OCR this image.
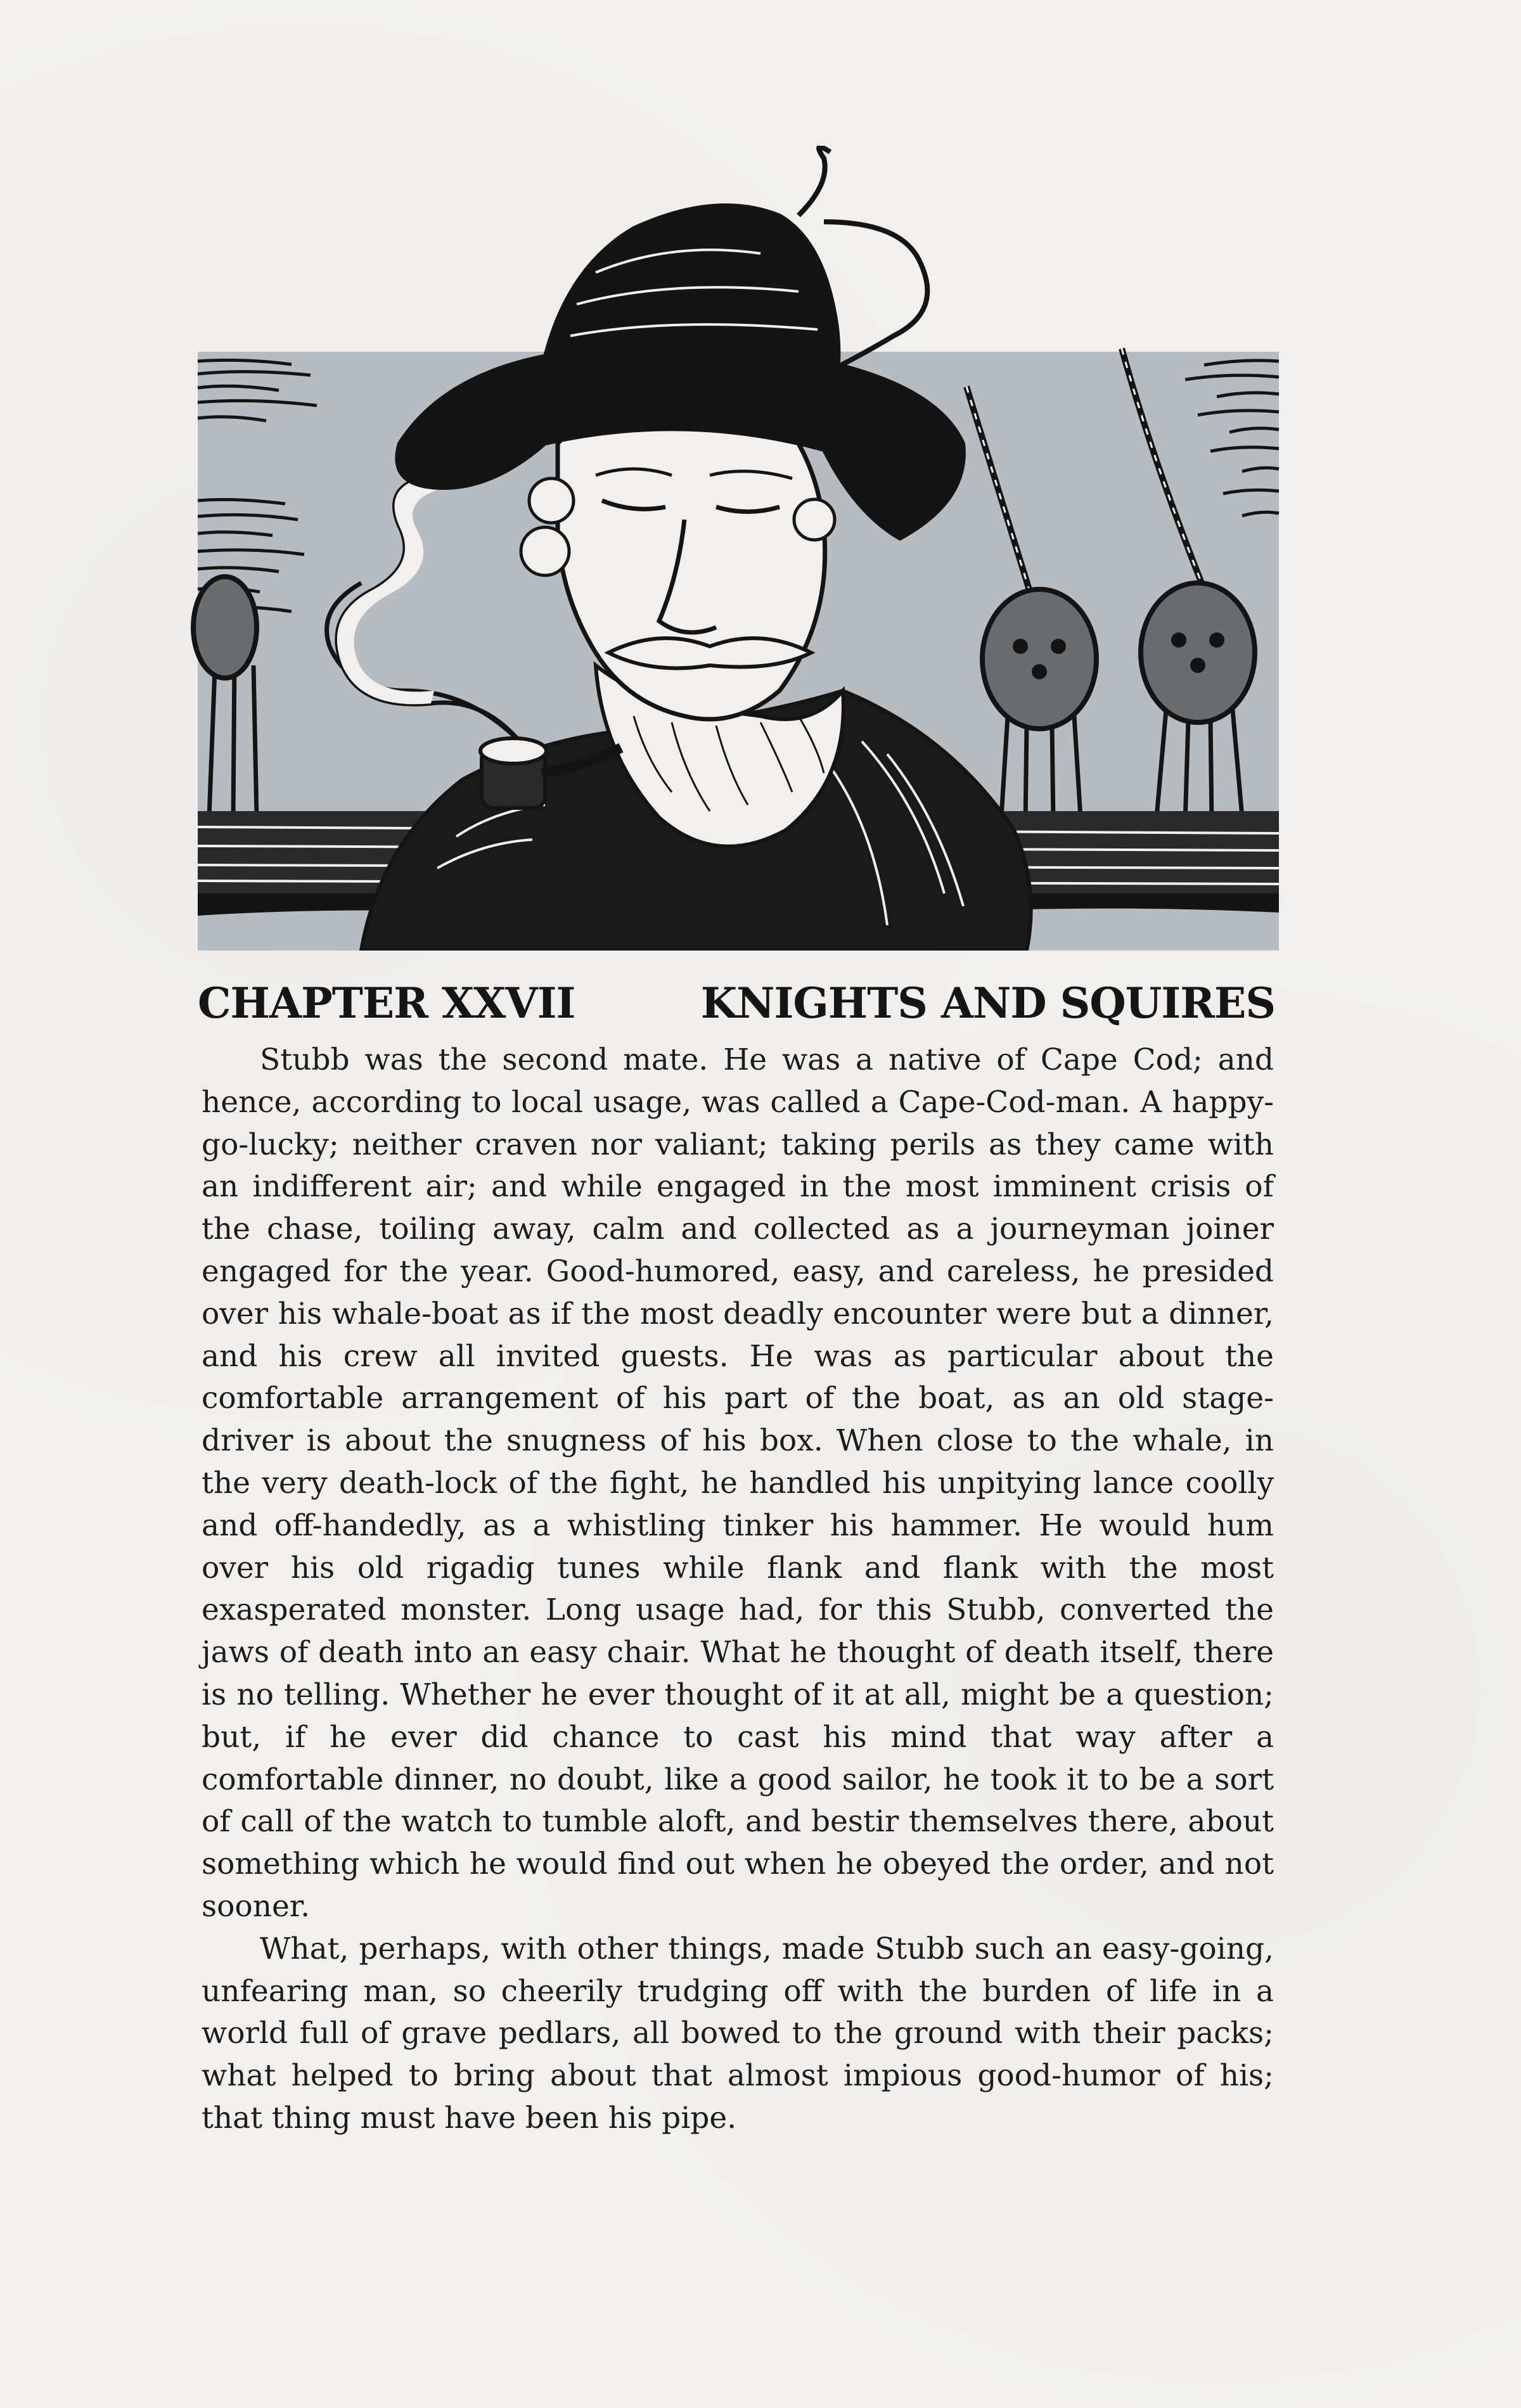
CHAPTER XXVII	KNIGHTS AND SQUIRES

Stubb was the second mate. He was a native of Cape Cod; and hence, according to local usage, was called a Cape-Cod-man. A happy-go-lucky; neither craven nor valiant; taking perils as they came with an indifferent air; and while engaged in the most imminent crisis of the chase, toiling away, calm and collected as a journeyman joiner engaged for the year. Good-humored, easy, and careless, he presided over his whale-boat as if the most deadly encounter were but a dinner, and his crew all invited guests. He was as particular about the comfortable arrangement of his part of the boat, as an old stage-driver is about the snugness of his box. When close to the whale, in the very death-lock of the fight, he handled his unpitying lance coolly and off-handedly, as a whistling tinker his hammer. He would hum over his old rigadig tunes while flank and flank with the most exasperated monster. Long usage had, for this Stubb, converted the jaws of death into an easy chair. What he thought of death itself, there is no telling. Whether he ever thought of it at all, might be a question; but, if he ever did chance to cast his mind that way after a comfortable dinner, no doubt, like a good sailor, he took it to be a sort of call of the watch to tumble aloft, and bestir themselves there, about something which he would find out when he obeyed the order, and not sooner.

What, perhaps, with other things, made Stubb such an easy-going, unfearing man, so cheerily trudging off with the burden of life in a world full of grave pedlars, all bowed to the ground with their packs; what helped to bring about that almost impious good-humor of his; that thing must have been his pipe.
